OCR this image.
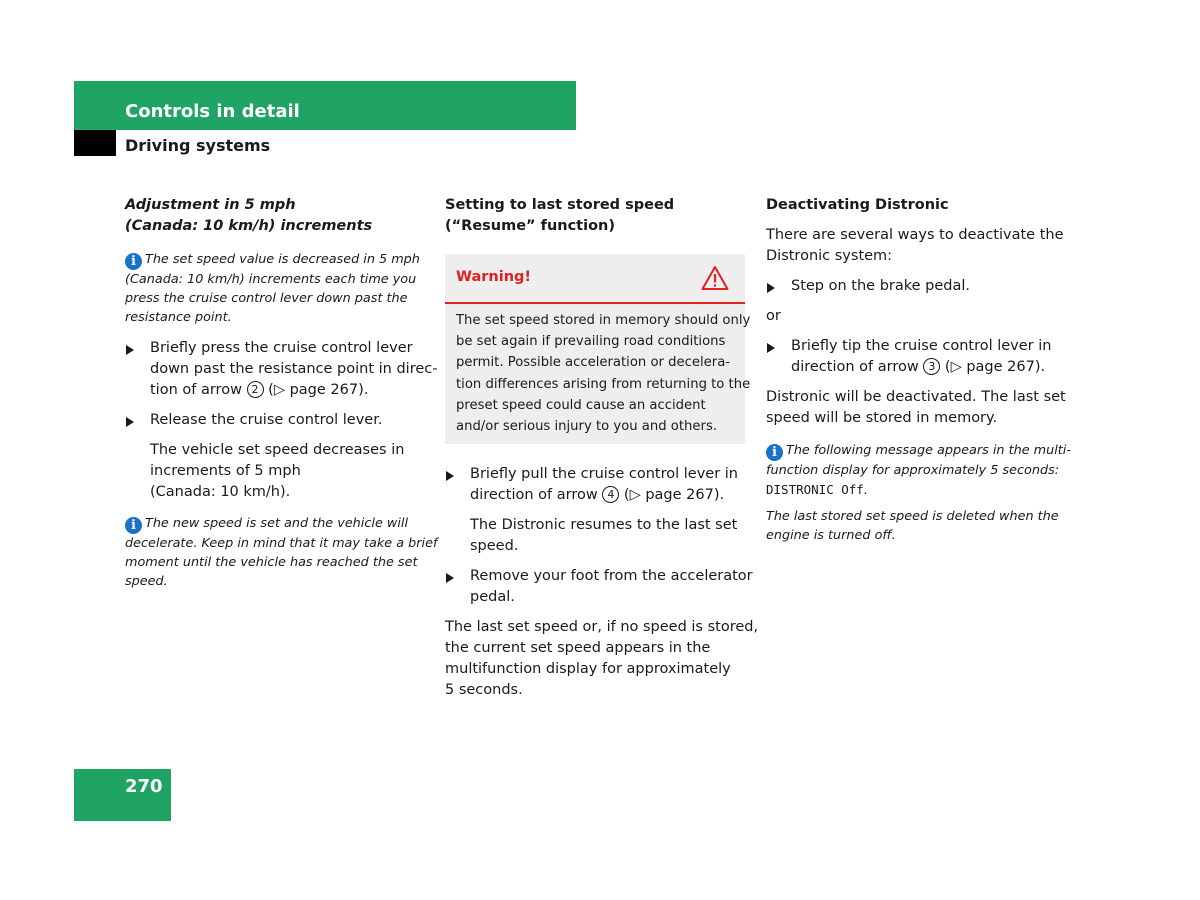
Controls in detail
Driving systems
Adjustment in 5 mph
(Canada: 10 km/h) increments
i The set speed value is decreased in 5 mph
(Canada: 10 km/h) increments each time you
press the cruise control lever down past the
resistance point.
Briefly press the cruise control lever
down past the resistance point in direc-
tion of arrow 2 (▷ page 267).
Release the cruise control lever.
The vehicle set speed decreases in
increments of 5 mph
(Canada: 10 km/h).
i The new speed is set and the vehicle will
decelerate. Keep in mind that it may take a brief
moment until the vehicle has reached the set
speed.
Setting to last stored speed
(“Resume” function)
Warning!
The set speed stored in memory should only
be set again if prevailing road conditions
permit. Possible acceleration or decelera-
tion differences arising from returning to the
preset speed could cause an accident
and/or serious injury to you and others.
Briefly pull the cruise control lever in
direction of arrow 4 (▷ page 267).
The Distronic resumes to the last set
speed.
Remove your foot from the accelerator
pedal.
The last set speed or, if no speed is stored,
the current set speed appears in the
multifunction display for approximately
5 seconds.
Deactivating Distronic
There are several ways to deactivate the
Distronic system:
Step on the brake pedal.
or
Briefly tip the cruise control lever in
direction of arrow 3 (▷ page 267).
Distronic will be deactivated. The last set
speed will be stored in memory.
i The following message appears in the multi-
function display for approximately 5 seconds:
DISTRONIC Off.
The last stored set speed is deleted when the
engine is turned off.
270
